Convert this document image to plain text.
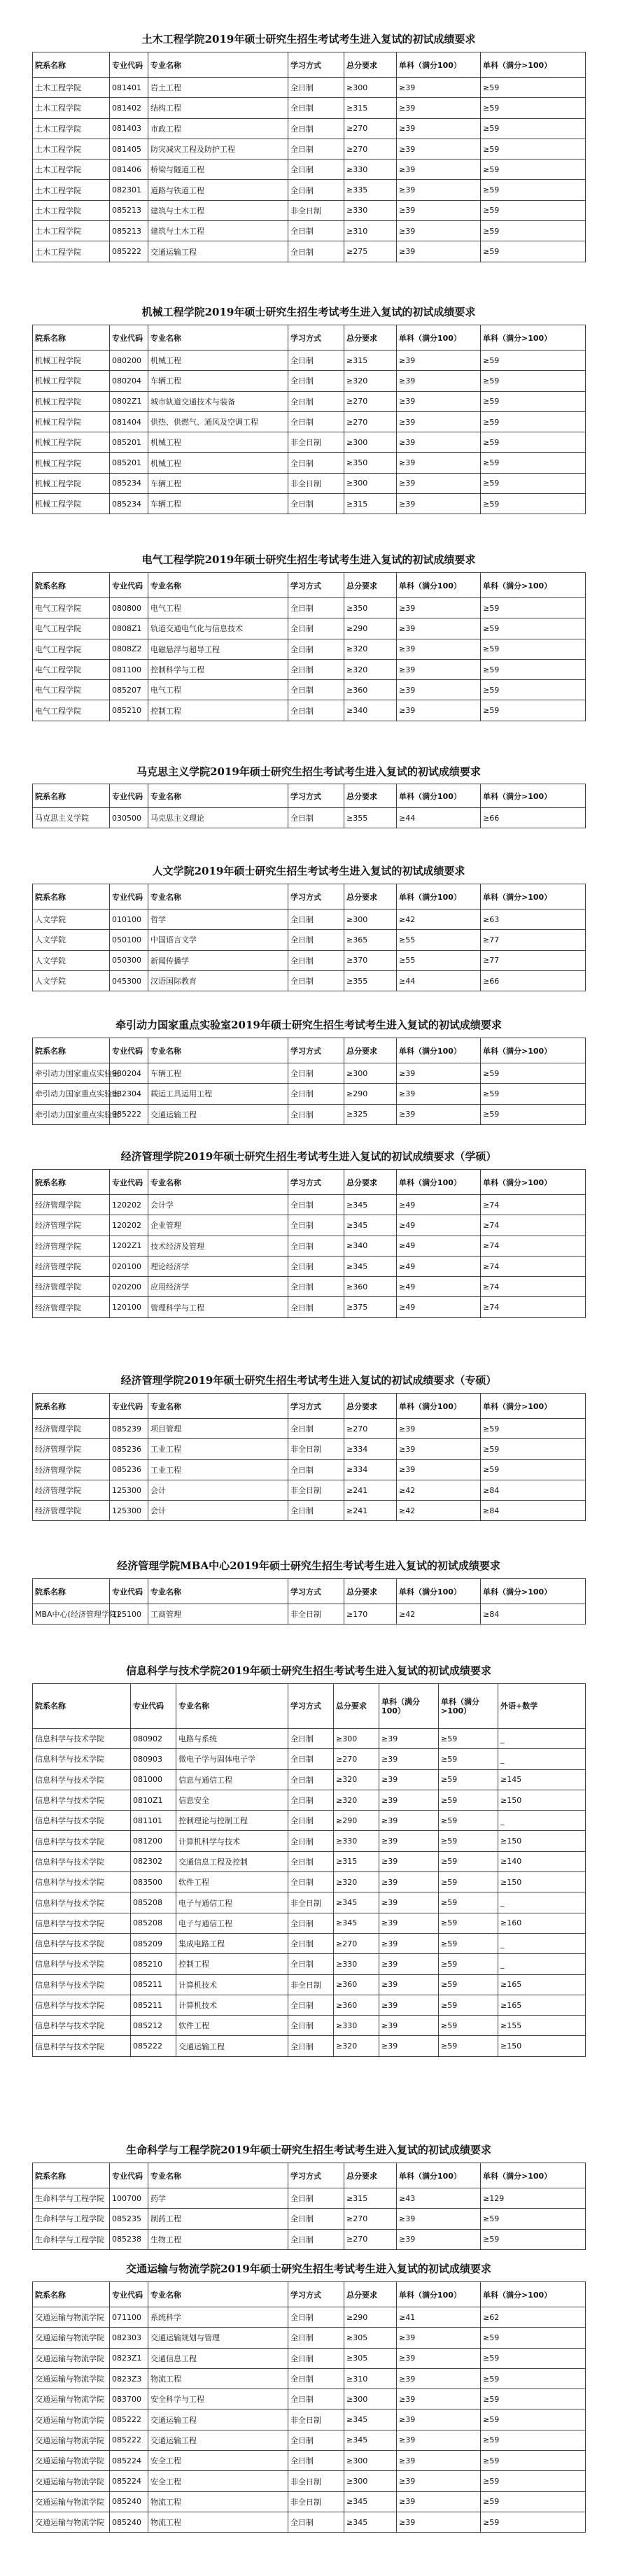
土木工程学院2019年硕士研究生招生考试考生进入复试的初试成绩要求
院系名称	专业代码	专业名称	学习方式	总分要求	单科（满分100）	单科（满分>100）
土木工程学院	081401	岩土工程	全日制	≥300	≥39	≥59
土木工程学院	081402	结构工程	全日制	≥315	≥39	≥59
土木工程学院	081403	市政工程	全日制	≥270	≥39	≥59
土木工程学院	081405	防灾减灾工程及防护工程	全日制	≥270	≥39	≥59
土木工程学院	081406	桥梁与隧道工程	全日制	≥330	≥39	≥59
土木工程学院	082301	道路与铁道工程	全日制	≥335	≥39	≥59
土木工程学院	085213	建筑与土木工程	非全日制	≥330	≥39	≥59
土木工程学院	085213	建筑与土木工程	全日制	≥310	≥39	≥59
土木工程学院	085222	交通运输工程	全日制	≥275	≥39	≥59
机械工程学院2019年硕士研究生招生考试考生进入复试的初试成绩要求
院系名称	专业代码	专业名称	学习方式	总分要求	单科（满分100）	单科（满分>100）
机械工程学院	080200	机械工程	全日制	≥315	≥39	≥59
机械工程学院	080204	车辆工程	全日制	≥320	≥39	≥59
机械工程学院	0802Z1	城市轨道交通技术与装备	全日制	≥270	≥39	≥59
机械工程学院	081404	供热、供燃气、通风及空调工程	全日制	≥270	≥39	≥59
机械工程学院	085201	机械工程	非全日制	≥300	≥39	≥59
机械工程学院	085201	机械工程	全日制	≥350	≥39	≥59
机械工程学院	085234	车辆工程	非全日制	≥300	≥39	≥59
机械工程学院	085234	车辆工程	全日制	≥315	≥39	≥59
电气工程学院2019年硕士研究生招生考试考生进入复试的初试成绩要求
院系名称	专业代码	专业名称	学习方式	总分要求	单科（满分100）	单科（满分>100）
电气工程学院	080800	电气工程	全日制	≥350	≥39	≥59
电气工程学院	0808Z1	轨道交通电气化与信息技术	全日制	≥290	≥39	≥59
电气工程学院	0808Z2	电磁悬浮与超导工程	全日制	≥320	≥39	≥59
电气工程学院	081100	控制科学与工程	全日制	≥320	≥39	≥59
电气工程学院	085207	电气工程	全日制	≥360	≥39	≥59
电气工程学院	085210	控制工程	全日制	≥340	≥39	≥59
马克思主义学院2019年硕士研究生招生考试考生进入复试的初试成绩要求
院系名称	专业代码	专业名称	学习方式	总分要求	单科（满分100）	单科（满分>100）
马克思主义学院	030500	马克思主义理论	全日制	≥355	≥44	≥66
人文学院2019年硕士研究生招生考试考生进入复试的初试成绩要求
院系名称	专业代码	专业名称	学习方式	总分要求	单科（满分100）	单科（满分>100）
人文学院	010100	哲学	全日制	≥300	≥42	≥63
人文学院	050100	中国语言文学	全日制	≥365	≥55	≥77
人文学院	050300	新闻传播学	全日制	≥370	≥55	≥77
人文学院	045300	汉语国际教育	全日制	≥355	≥44	≥66
牵引动力国家重点实验室2019年硕士研究生招生考试考生进入复试的初试成绩要求
院系名称	专业代码	专业名称	学习方式	总分要求	单科（满分100）	单科（满分>100）
牵引动力国家重点实验室	080204	车辆工程	全日制	≥300	≥39	≥59
牵引动力国家重点实验室	082304	载运工具运用工程	全日制	≥290	≥39	≥59
牵引动力国家重点实验室	085222	交通运输工程	全日制	≥325	≥39	≥59
经济管理学院2019年硕士研究生招生考试考生进入复试的初试成绩要求（学硕）
院系名称	专业代码	专业名称	学习方式	总分要求	单科（满分100）	单科（满分>100）
经济管理学院	120202	会计学	全日制	≥345	≥49	≥74
经济管理学院	120202	企业管理	全日制	≥345	≥49	≥74
经济管理学院	1202Z1	技术经济及管理	全日制	≥340	≥49	≥74
经济管理学院	020100	理论经济学	全日制	≥345	≥49	≥74
经济管理学院	020200	应用经济学	全日制	≥360	≥49	≥74
经济管理学院	120100	管理科学与工程	全日制	≥375	≥49	≥74
经济管理学院2019年硕士研究生招生考试考生进入复试的初试成绩要求（专硕）
院系名称	专业代码	专业名称	学习方式	总分要求	单科（满分100）	单科（满分>100）
经济管理学院	085239	项目管理	全日制	≥270	≥39	≥59
经济管理学院	085236	工业工程	非全日制	≥334	≥39	≥59
经济管理学院	085236	工业工程	全日制	≥334	≥39	≥59
经济管理学院	125300	会计	非全日制	≥241	≥42	≥84
经济管理学院	125300	会计	全日制	≥241	≥42	≥84
经济管理学院MBA中心2019年硕士研究生招生考试考生进入复试的初试成绩要求
院系名称	专业代码	专业名称	学习方式	总分要求	单科（满分100）	单科（满分>100）
MBA中心(经济管理学院)	125100	工商管理	非全日制	≥170	≥42	≥84
信息科学与技术学院2019年硕士研究生招生考试考生进入复试的初试成绩要求
院系名称	专业代码	专业名称	学习方式	总分要求	单科（满分100）	单科（满分>100）	外语+数学
信息科学与技术学院	080902	电路与系统	全日制	≥300	≥39	≥59	_
信息科学与技术学院	080903	微电子学与固体电子学	全日制	≥270	≥39	≥59	_
信息科学与技术学院	081000	信息与通信工程	全日制	≥320	≥39	≥59	≥145
信息科学与技术学院	0810Z1	信息安全	全日制	≥320	≥39	≥59	≥150
信息科学与技术学院	081101	控制理论与控制工程	全日制	≥290	≥39	≥59	_
信息科学与技术学院	081200	计算机科学与技术	全日制	≥330	≥39	≥59	≥150
信息科学与技术学院	082302	交通信息工程及控制	全日制	≥315	≥39	≥59	≥140
信息科学与技术学院	083500	软件工程	全日制	≥320	≥39	≥59	≥150
信息科学与技术学院	085208	电子与通信工程	非全日制	≥345	≥39	≥59	_
信息科学与技术学院	085208	电子与通信工程	全日制	≥345	≥39	≥59	≥160
信息科学与技术学院	085209	集成电路工程	全日制	≥270	≥39	≥59	_
信息科学与技术学院	085210	控制工程	全日制	≥330	≥39	≥59	_
信息科学与技术学院	085211	计算机技术	非全日制	≥360	≥39	≥59	≥165
信息科学与技术学院	085211	计算机技术	全日制	≥360	≥39	≥59	≥165
信息科学与技术学院	085212	软件工程	全日制	≥330	≥39	≥59	≥155
信息科学与技术学院	085222	交通运输工程	全日制	≥320	≥39	≥59	≥150
生命科学与工程学院2019年硕士研究生招生考试考生进入复试的初试成绩要求
院系名称	专业代码	专业名称	学习方式	总分要求	单科（满分100）	单科（满分>100）
生命科学与工程学院	100700	药学	全日制	≥315	≥43	≥129
生命科学与工程学院	085235	制药工程	全日制	≥270	≥39	≥59
生命科学与工程学院	085238	生物工程	全日制	≥270	≥39	≥59
交通运输与物流学院2019年硕士研究生招生考试考生进入复试的初试成绩要求
院系名称	专业代码	专业名称	学习方式	总分要求	单科（满分100）	单科（满分>100）
交通运输与物流学院	071100	系统科学	全日制	≥290	≥41	≥62
交通运输与物流学院	082303	交通运输规划与管理	全日制	≥305	≥39	≥59
交通运输与物流学院	0823Z1	交通信息工程	全日制	≥305	≥39	≥59
交通运输与物流学院	0823Z3	物流工程	全日制	≥310	≥39	≥59
交通运输与物流学院	083700	安全科学与工程	全日制	≥300	≥39	≥59
交通运输与物流学院	085222	交通运输工程	非全日制	≥345	≥39	≥59
交通运输与物流学院	085222	交通运输工程	全日制	≥345	≥39	≥59
交通运输与物流学院	085224	安全工程	全日制	≥300	≥39	≥59
交通运输与物流学院	085224	安全工程	非全日制	≥300	≥39	≥59
交通运输与物流学院	085240	物流工程	非全日制	≥345	≥39	≥59
交通运输与物流学院	085240	物流工程	全日制	≥345	≥39	≥59
